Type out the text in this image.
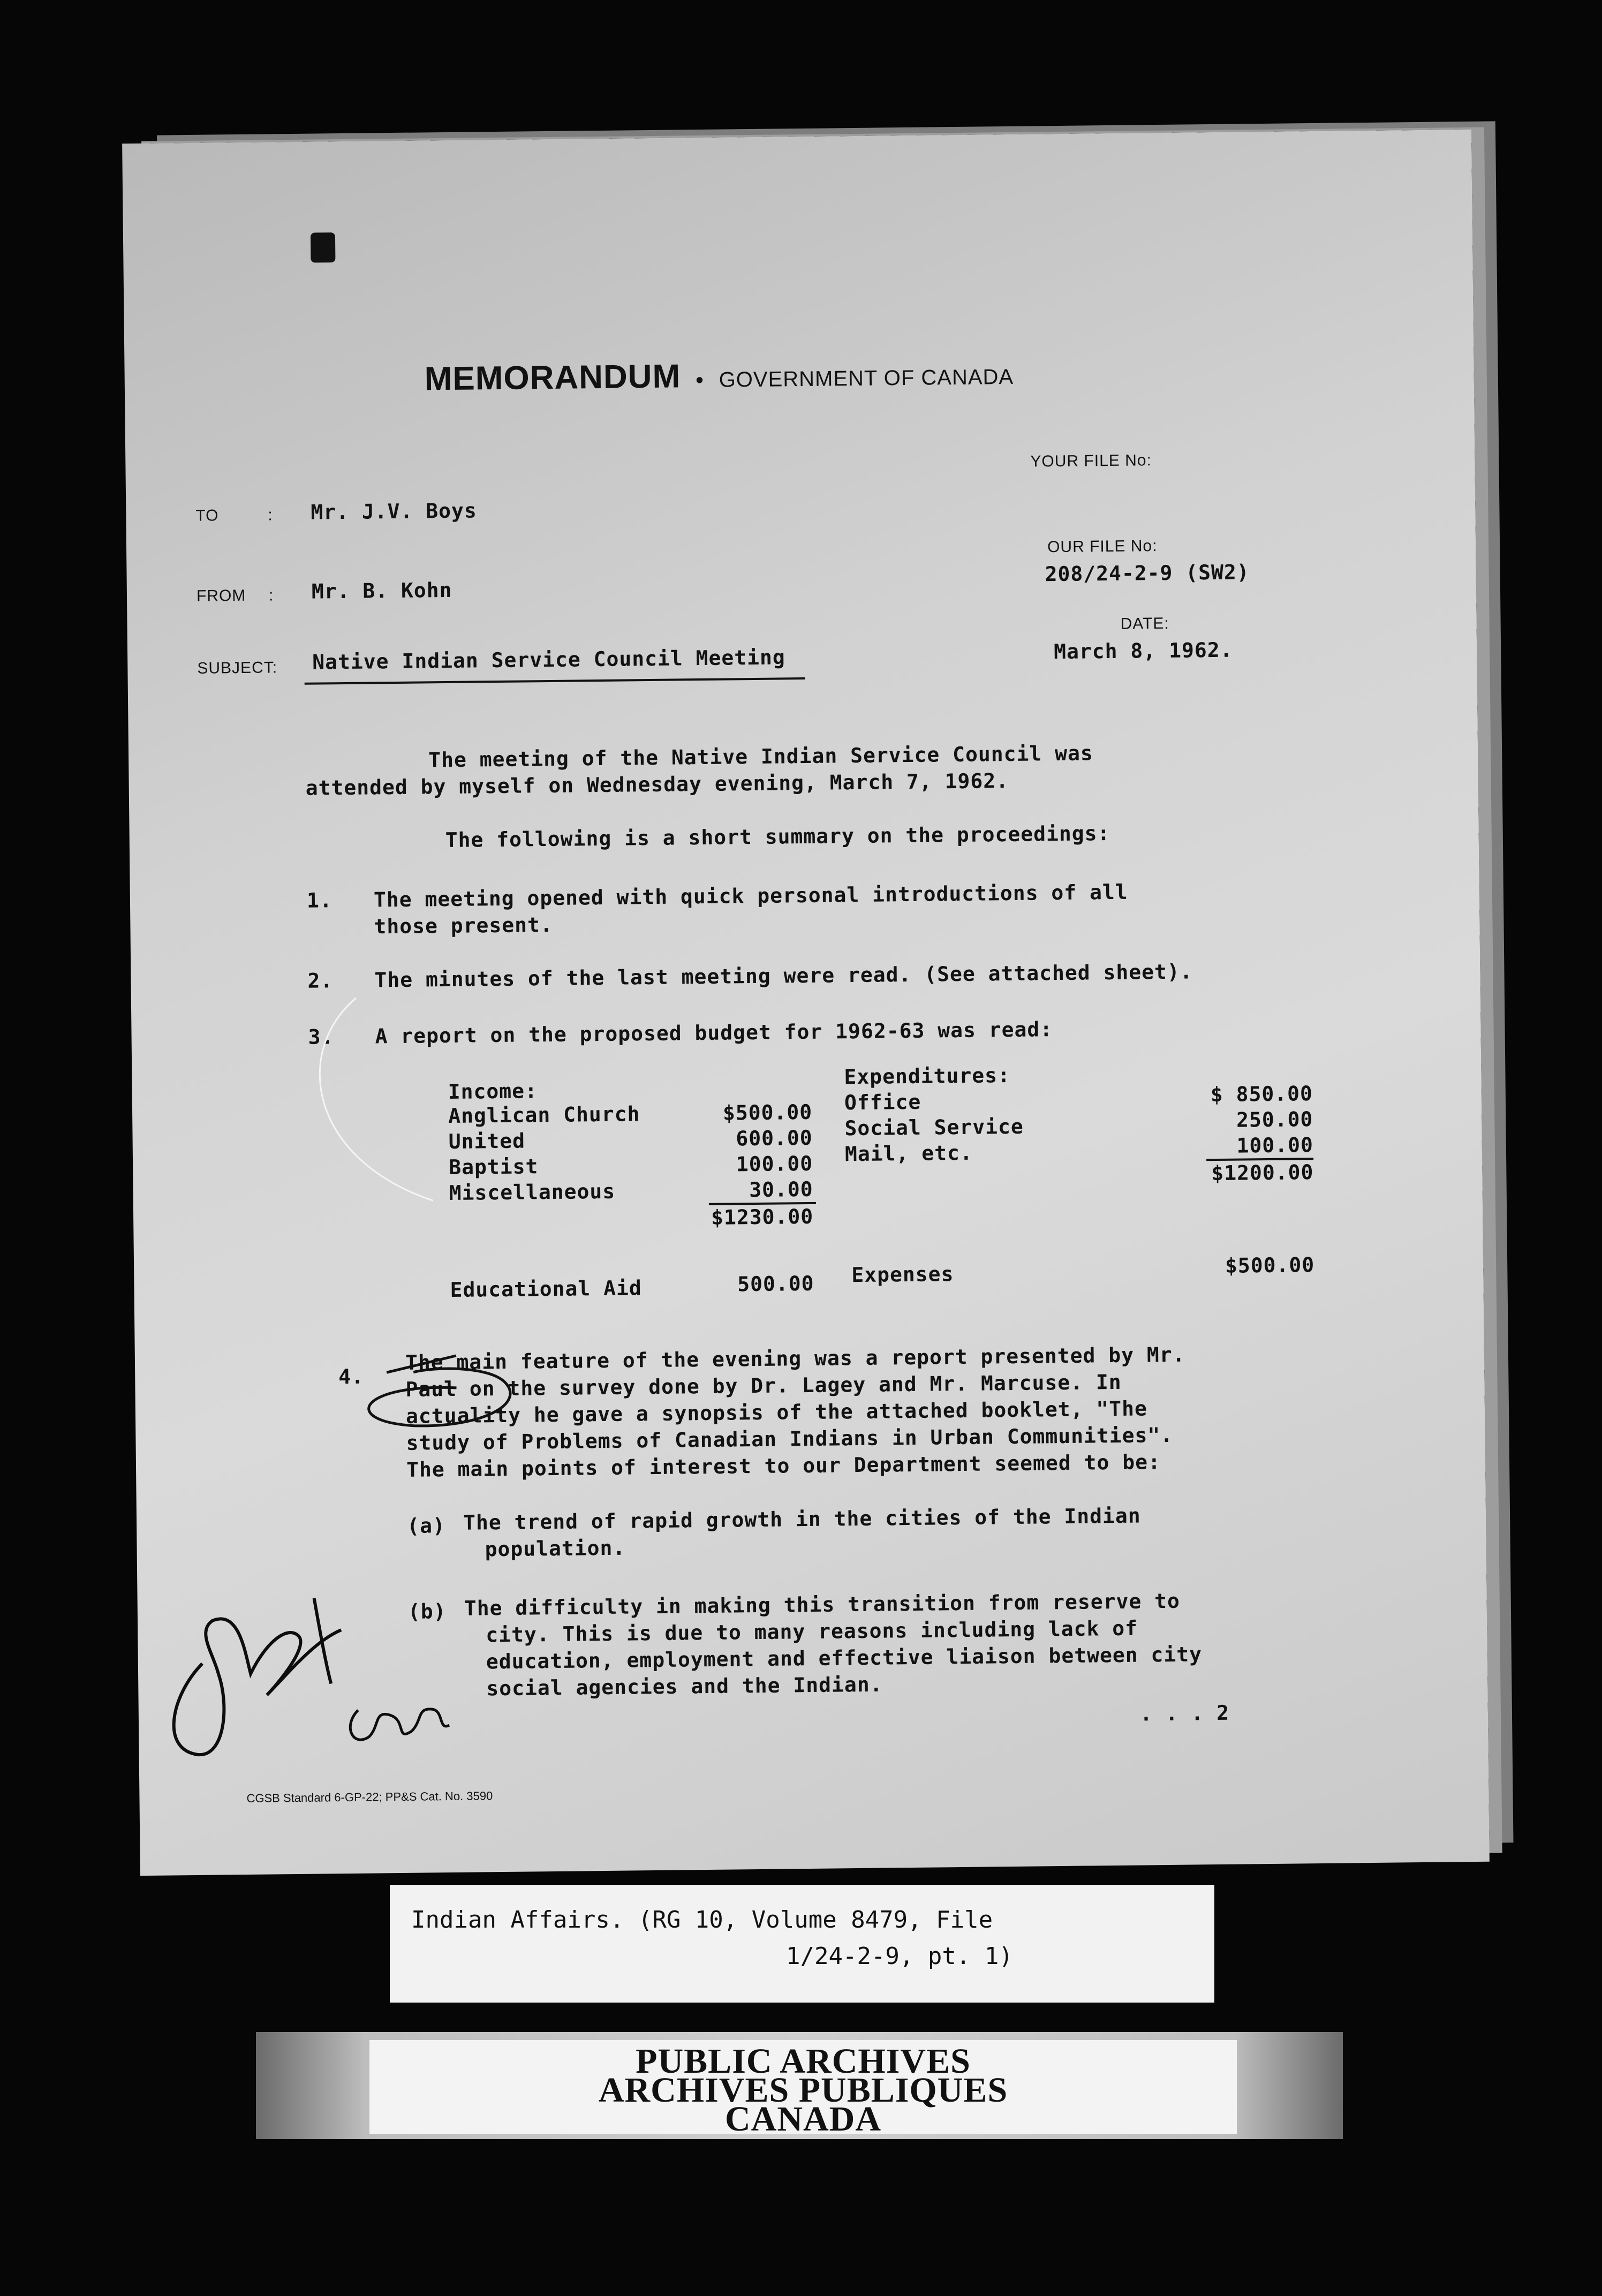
MEMORANDUM • GOVERNMENT OF CANADA
YOUR FILE No:
TO	: Mr. J.V. Boys
OUR FILE No:
208/24-2-9 (SW2)
FROM : Mr. B. Kohn
DATE:
March 8, 1962.
SUBJECT: Native Indian Service Council Meeting
The meeting of the Native Indian Service Council was
attended by myself on Wednesday evening, March 7, 1962.
The following is a short summary on the proceedings:
1. The meeting opened with quick personal introductions of all
those present.
2. The minutes of the last meeting were read. (See attached sheet).
3. A report on the proposed budget for 1962-63 was read:
Income:
Anglican Church	$500.00
United	600.00
Baptist	100.00
Miscellaneous	30.00
$1230.00
Expenditures:
Office	$ 850.00
Social Service	250.00
Mail, etc.	100.00
$1200.00
Educational Aid	500.00 Expenses	$500.00
4.
The main feature of the evening was a report presented by Mr.
Paul on the survey done by Dr. Lagey and Mr. Marcuse. In
actuality he gave a synopsis of the attached booklet, "The
study of Problems of Canadian Indians in Urban Communities".
The main points of interest to our Department seemed to be:
(a) The trend of rapid growth in the cities of the Indian
population.
(b) The difficulty in making this transition from reserve to
city. This is due to many reasons including lack of
education, employment and effective liaison between city
social agencies and the Indian.
. . . 2
CGSB Standard 6-GP-22; PP&S Cat. No. 3590
Indian Affairs. (RG 10, Volume 8479, File
1/24-2-9, pt. 1)
PUBLIC ARCHIVES
ARCHIVES PUBLIQUES
CANADA
